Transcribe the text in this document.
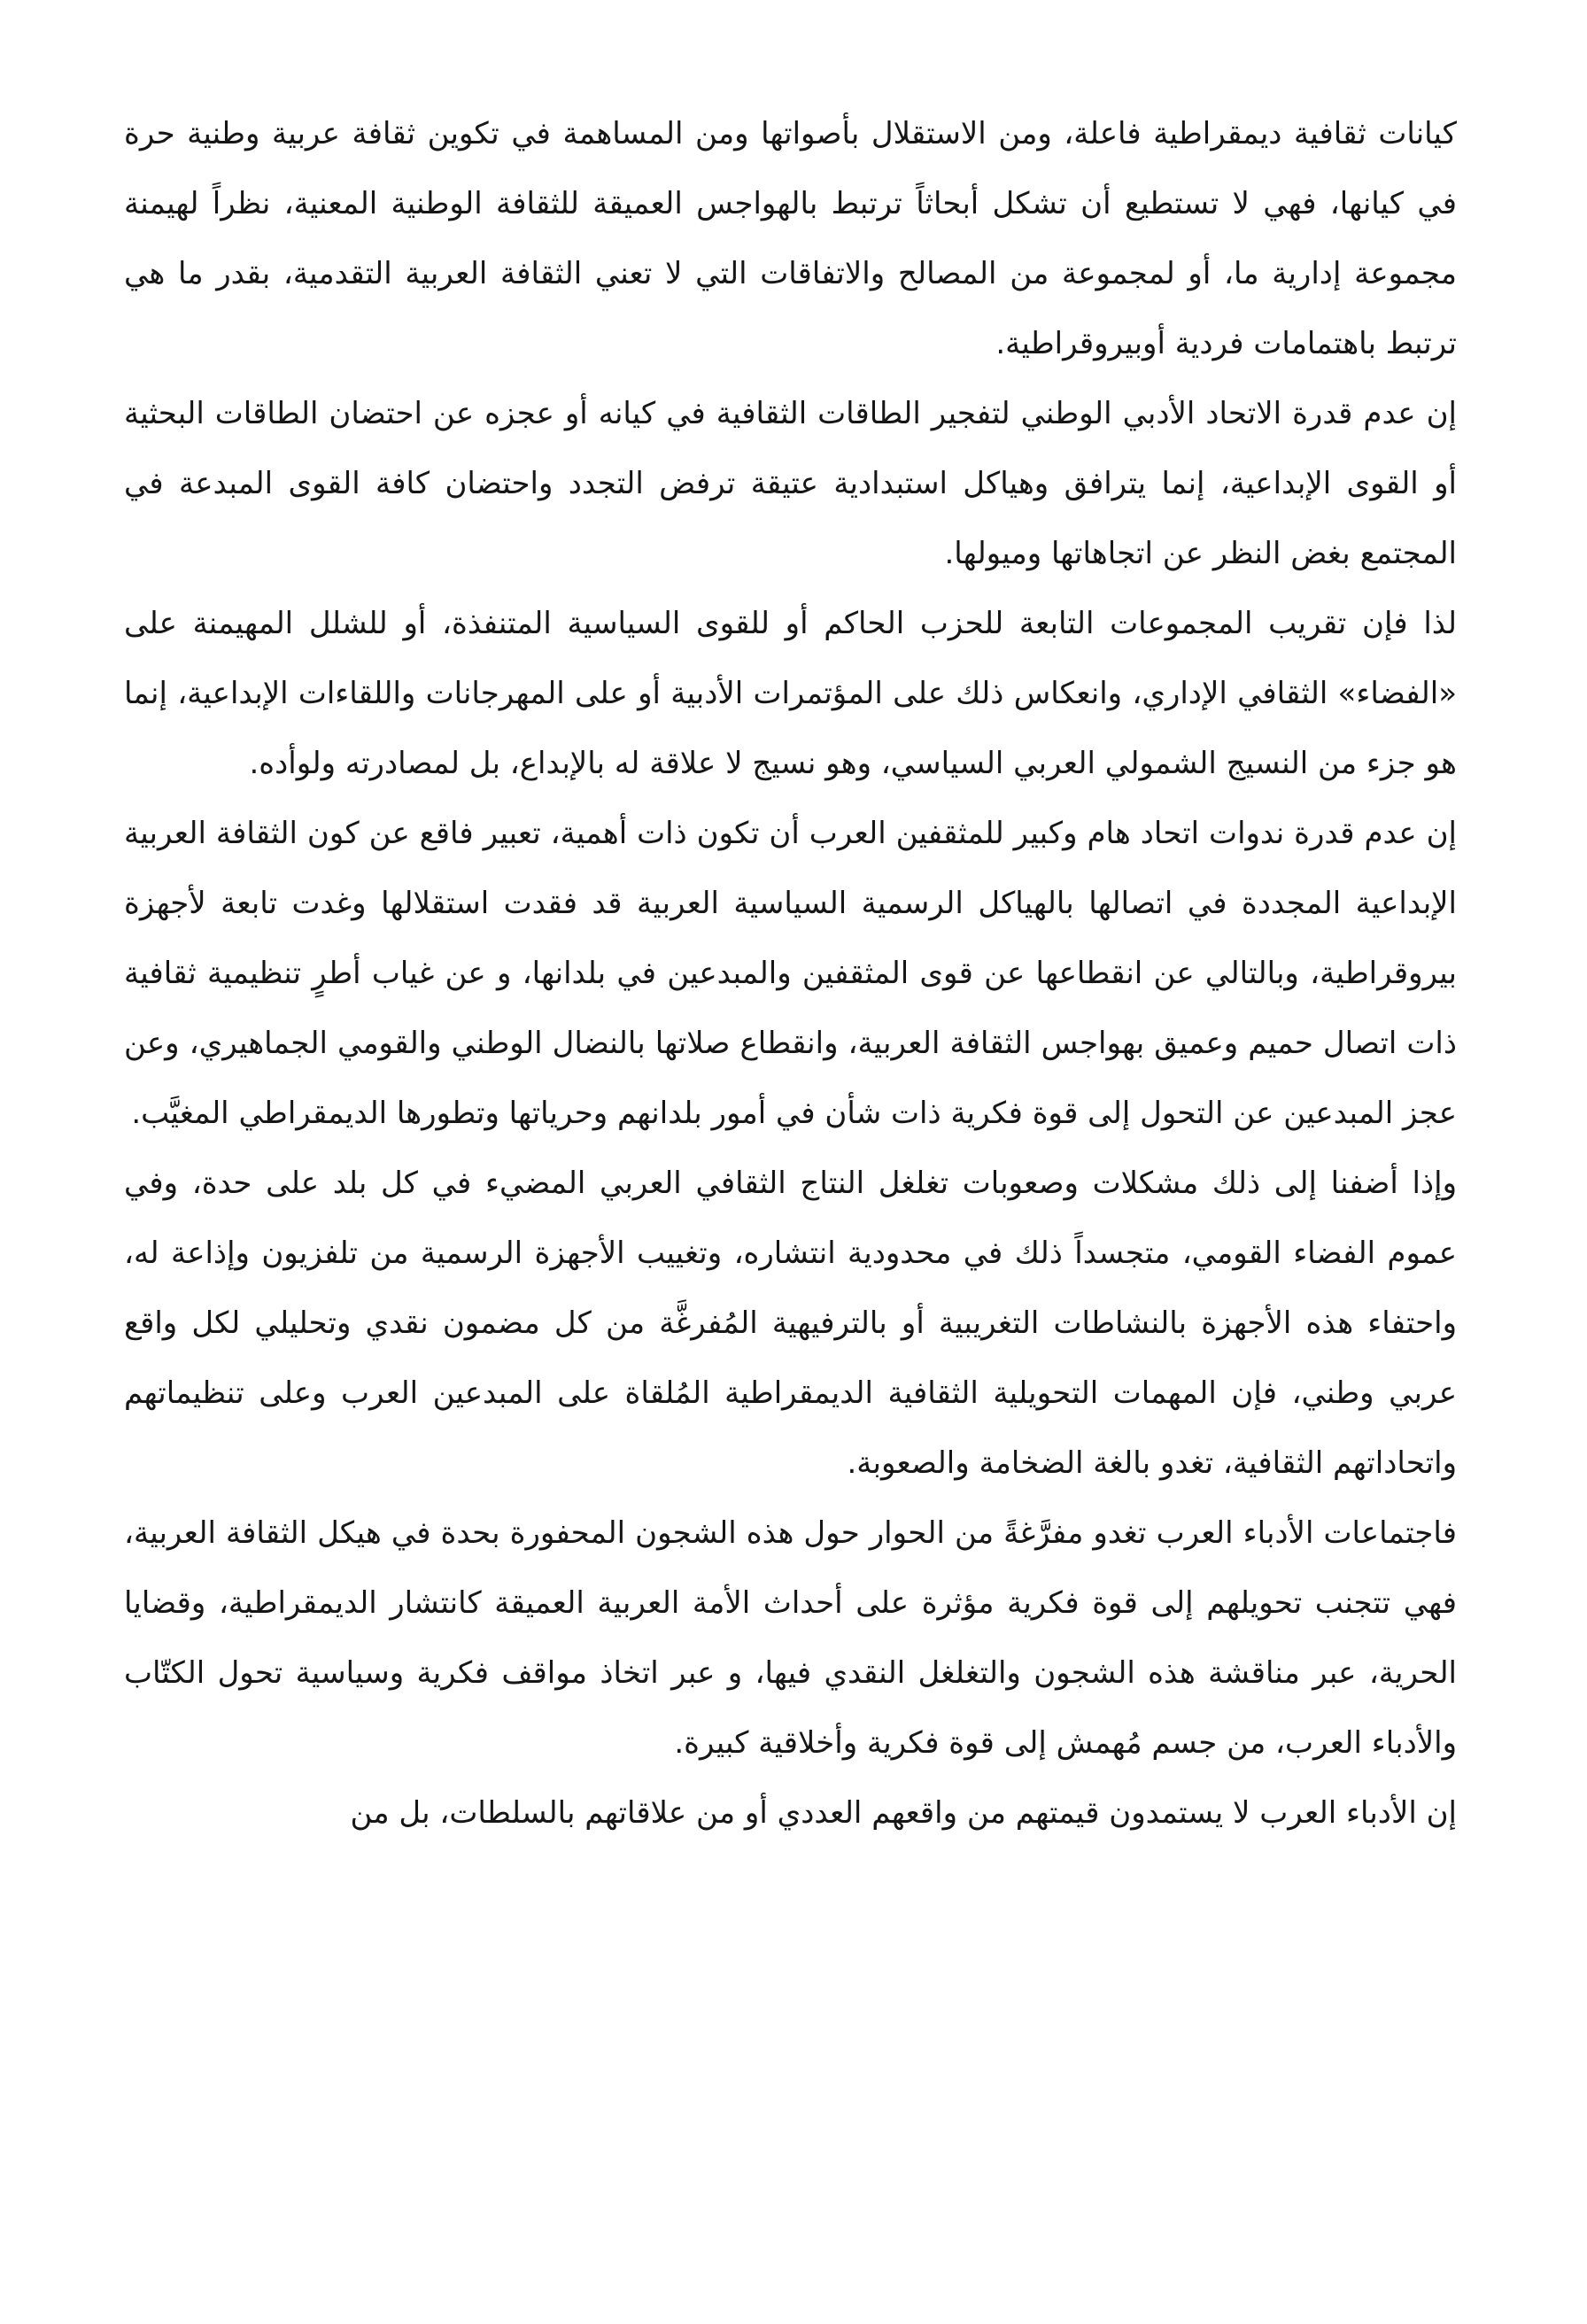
كيانات ثقافية ديمقراطية فاعلة، ومن الاستقلال بأصواتها ومن المساهمة في تكوين ثقافة عربية وطنية حرة في كيانها، فهي لا تستطيع أن تشكل أبحاثاً ترتبط بالهواجس العميقة للثقافة الوطنية المعنية، نظراً لهيمنة مجموعة إدارية ما، أو لمجموعة من المصالح والاتفاقات التي لا تعني الثقافة العربية التقدمية، بقدر ما هي ترتبط باهتمامات فردية أوبيروقراطية.

إن عدم قدرة الاتحاد الأدبي الوطني لتفجير الطاقات الثقافية في كيانه أو عجزه عن احتضان الطاقات البحثية أو القوى الإبداعية، إنما يترافق وهياكل استبدادية عتيقة ترفض التجدد واحتضان كافة القوى المبدعة في المجتمع بغض النظر عن اتجاهاتها وميولها.

لذا فإن تقريب المجموعات التابعة للحزب الحاكم أو للقوى السياسية المتنفذة، أو للشلل المهيمنة على «الفضاء» الثقافي الإداري، وانعكاس ذلك على المؤتمرات الأدبية أو على المهرجانات واللقاءات الإبداعية، إنما هو جزء من النسيج الشمولي العربي السياسي، وهو نسيج لا علاقة له بالإبداع، بل لمصادرته ولوأده.

إن عدم قدرة ندوات اتحاد هام وكبير للمثقفين العرب أن تكون ذات أهمية، تعبير فاقع عن كون الثقافة العربية الإبداعية المجددة في اتصالها بالهياكل الرسمية السياسية العربية قد فقدت استقلالها وغدت تابعة لأجهزة بيروقراطية، وبالتالي عن انقطاعها عن قوى المثقفين والمبدعين في بلدانها، و عن غياب أطرٍ تنظيمية ثقافية ذات اتصال حميم وعميق بهواجس الثقافة العربية، وانقطاع صلاتها بالنضال الوطني والقومي الجماهيري، وعن عجز المبدعين عن التحول إلى قوة فكرية ذات شأن في أمور بلدانهم وحرياتها وتطورها الديمقراطي المغيَّب.

وإذا أضفنا إلى ذلك مشكلات وصعوبات تغلغل النتاج الثقافي العربي المضيء في كل بلد على حدة، وفي عموم الفضاء القومي، متجسداً ذلك في محدودية انتشاره، وتغييب الأجهزة الرسمية من تلفزيون وإذاعة له، واحتفاء هذه الأجهزة بالنشاطات التغريبية أو بالترفيهية المُفرغَّة من كل مضمون نقدي وتحليلي لكل واقع عربي وطني، فإن المهمات التحويلية الثقافية الديمقراطية المُلقاة على المبدعين العرب وعلى تنظيماتهم واتحاداتهم الثقافية، تغدو بالغة الضخامة والصعوبة.

فاجتماعات الأدباء العرب تغدو مفرَّغةً من الحوار حول هذه الشجون المحفورة بحدة في هيكل الثقافة العربية، فهي تتجنب تحويلهم إلى قوة فكرية مؤثرة على أحداث الأمة العربية العميقة كانتشار الديمقراطية، وقضايا الحرية، عبر مناقشة هذه الشجون والتغلغل النقدي فيها، و عبر اتخاذ مواقف فكرية وسياسية تحول الكتّاب والأدباء العرب، من جسم مُهمش إلى قوة فكرية وأخلاقية كبيرة.

إن الأدباء العرب لا يستمدون قيمتهم من واقعهم العددي أو من علاقاتهم بالسلطات، بل من
